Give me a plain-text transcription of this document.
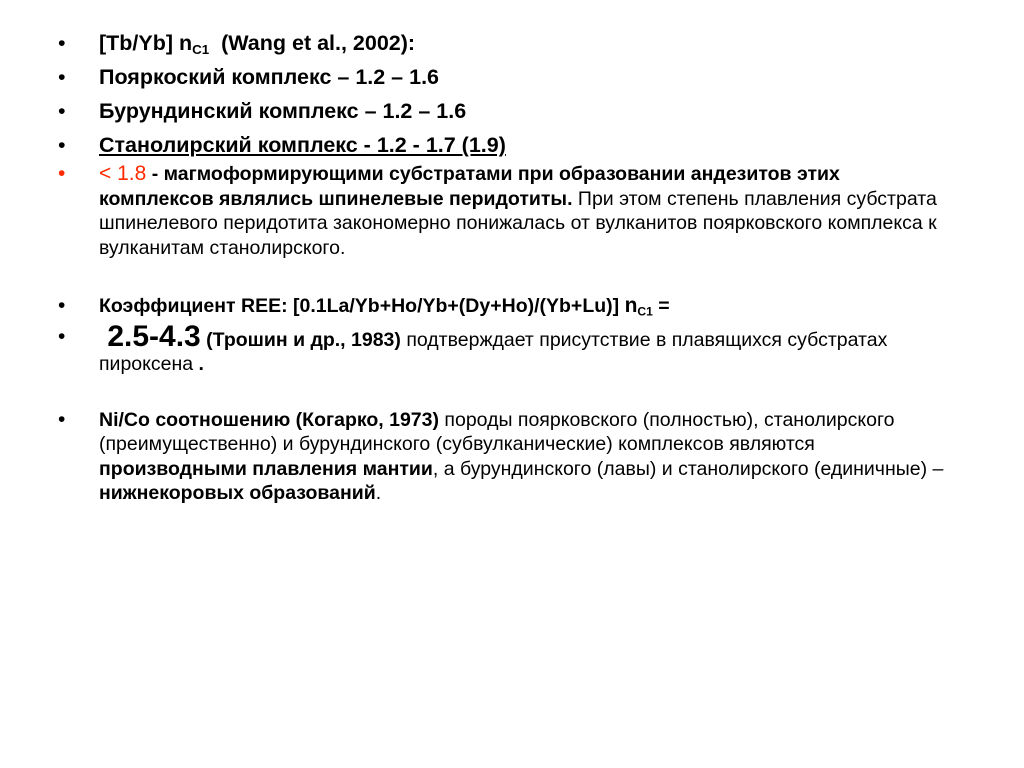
• [Tb/Yb] $n_{C1}$  (Wang et al., 2002):
• Пояркоский комплекс – 1.2 – 1.6
• Бурундинский комплекс – 1.2 – 1.6
• Станолирский комплекс - 1.2 - 1.7 (1.9)
• < 1.8 - магмоформирующими субстратами при образовании андезитов этих комплексов являлись шпинелевые перидотиты. При этом степень плавления субстрата шпинелевого перидотита закономерно понижалась от вулканитов поярковского комплекса к вулканитам станолирского.
• Коэффициент REE: [0.1La/Yb+Ho/Yb+(Dy+Ho)/(Yb+Lu)] $n_{C1}$ =
• 2.5-4.3 (Трошин и др., 1983) подтверждает присутствие в плавящихся субстратах пироксена .
• Ni/Co соотношению (Когарко, 1973) породы поярковского (полностью), станолирского (преимущественно) и бурундинского (субвулканические) комплексов являются производными плавления мантии, а бурундинского (лавы) и станолирского (единичные) – нижнекоровых образований.
